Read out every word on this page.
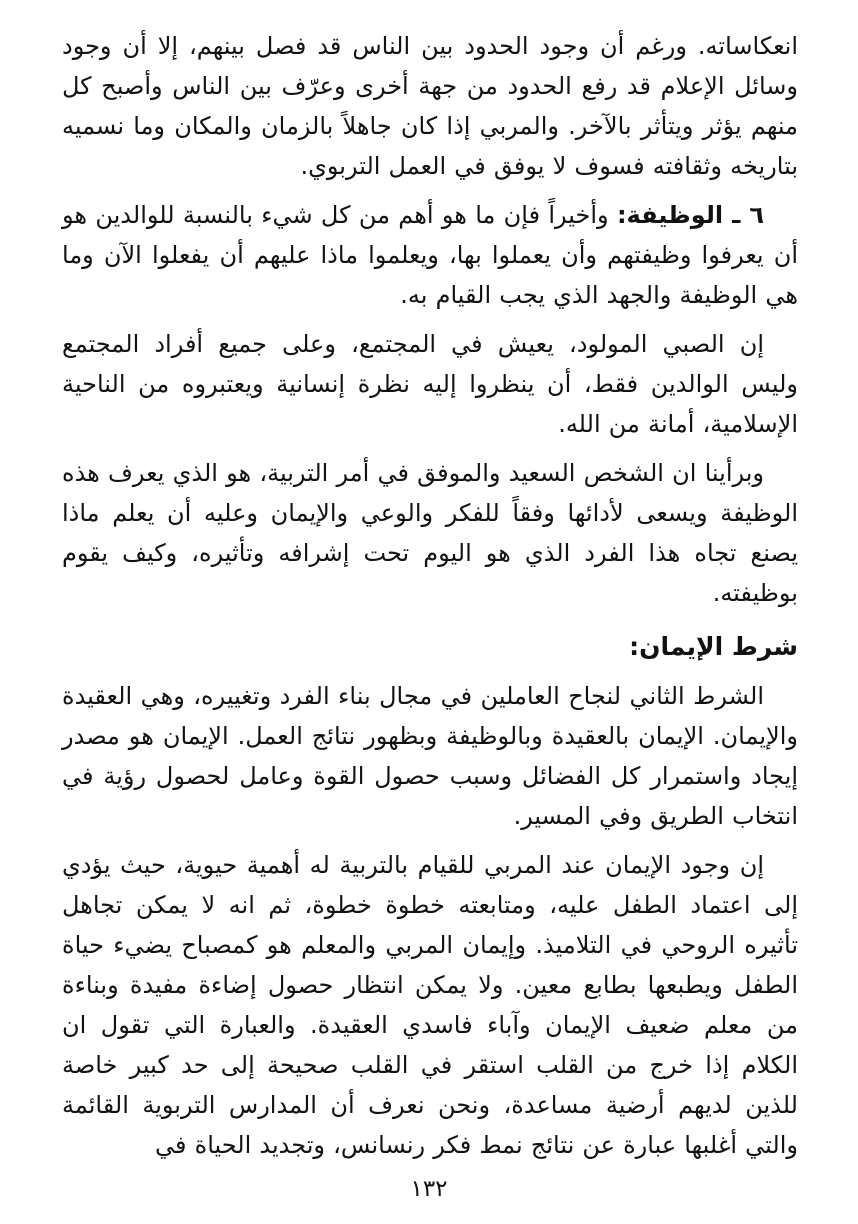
انعكاساته. ورغم أن وجود الحدود بين الناس قد فصل بينهم، إلا أن وجود وسائل الإعلام قد رفع الحدود من جهة أخرى وعرّف بين الناس وأصبح كل منهم يؤثر ويتأثر بالآخر. والمربي إذا كان جاهلاً بالزمان والمكان وما نسميه بتاريخه وثقافته فسوف لا يوفق في العمل التربوي.

٦ ـ الوظيفة: وأخيراً فإن ما هو أهم من كل شيء بالنسبة للوالدين هو أن يعرفوا وظيفتهم وأن يعملوا بها، ويعلموا ماذا عليهم أن يفعلوا الآن وما هي الوظيفة والجهد الذي يجب القيام به.

إن الصبي المولود، يعيش في المجتمع، وعلى جميع أفراد المجتمع وليس الوالدين فقط، أن ينظروا إليه نظرة إنسانية ويعتبروه من الناحية الإسلامية، أمانة من الله.

وبرأينا ان الشخص السعيد والموفق في أمر التربية، هو الذي يعرف هذه الوظيفة ويسعى لأدائها وفقاً للفكر والوعي والإيمان وعليه أن يعلم ماذا يصنع تجاه هذا الفرد الذي هو اليوم تحت إشرافه وتأثيره، وكيف يقوم بوظيفته.

شرط الإيمان:

الشرط الثاني لنجاح العاملين في مجال بناء الفرد وتغييره، وهي العقيدة والإيمان. الإيمان بالعقيدة وبالوظيفة وبظهور نتائج العمل. الإيمان هو مصدر إيجاد واستمرار كل الفضائل وسبب حصول القوة وعامل لحصول رؤية في انتخاب الطريق وفي المسير.

إن وجود الإيمان عند المربي للقيام بالتربية له أهمية حيوية، حيث يؤدي إلى اعتماد الطفل عليه، ومتابعته خطوة خطوة، ثم انه لا يمكن تجاهل تأثيره الروحي في التلاميذ. وإيمان المربي والمعلم هو كمصباح يضيء حياة الطفل ويطبعها بطابع معين. ولا يمكن انتظار حصول إضاءة مفيدة وبناءة من معلم ضعيف الإيمان وآباء فاسدي العقيدة. والعبارة التي تقول ان الكلام إذا خرج من القلب استقر في القلب صحيحة إلى حد كبير خاصة للذين لديهم أرضية مساعدة، ونحن نعرف أن المدارس التربوية القائمة والتي أغلبها عبارة عن نتائج نمط فكر رنسانس، وتجديد الحياة في

١٣٢
